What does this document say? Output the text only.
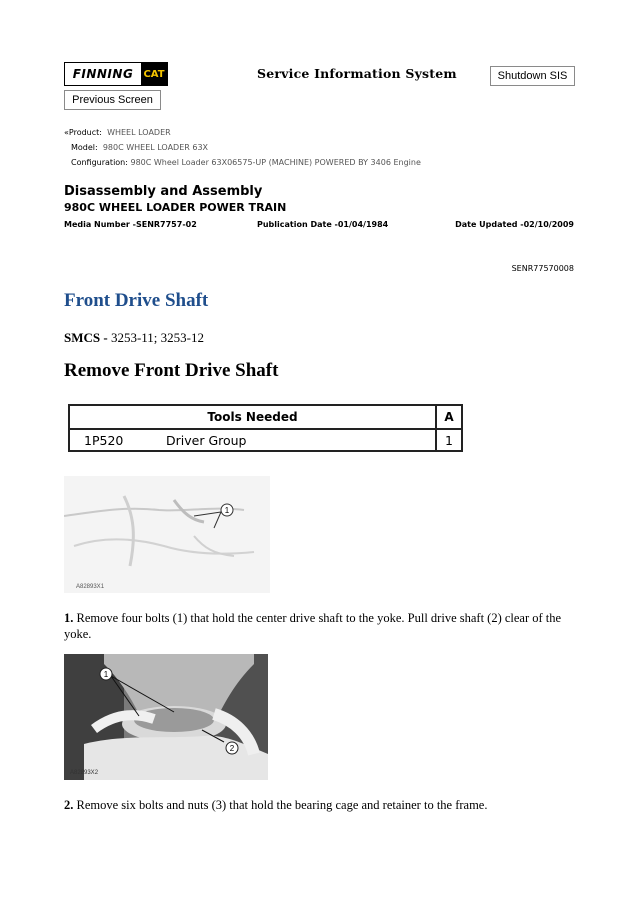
FINNING	CAT	Service Information System	Shutdown SIS
Previous Screen
«Product: WHEEL LOADER
Model: 980C WHEEL LOADER 63X
Configuration: 980C Wheel Loader 63X06575-UP (MACHINE) POWERED BY 3406 Engine
Disassembly and Assembly
980C WHEEL LOADER POWER TRAIN
Media Number -SENR7757-02	Publication Date -01/04/1984	Date Updated -02/10/2009
SENR77570008
Front Drive Shaft
SMCS - 3253-11; 3253-12
Remove Front Drive Shaft
Tools Needed	A
1P520	Driver Group	1
1
A82893X1
1. Remove four bolts (1) that hold the center drive shaft to the yoke. Pull drive shaft (2) clear of the yoke.
1
2
A82893X2
2. Remove six bolts and nuts (3) that hold the bearing cage and retainer to the frame.
